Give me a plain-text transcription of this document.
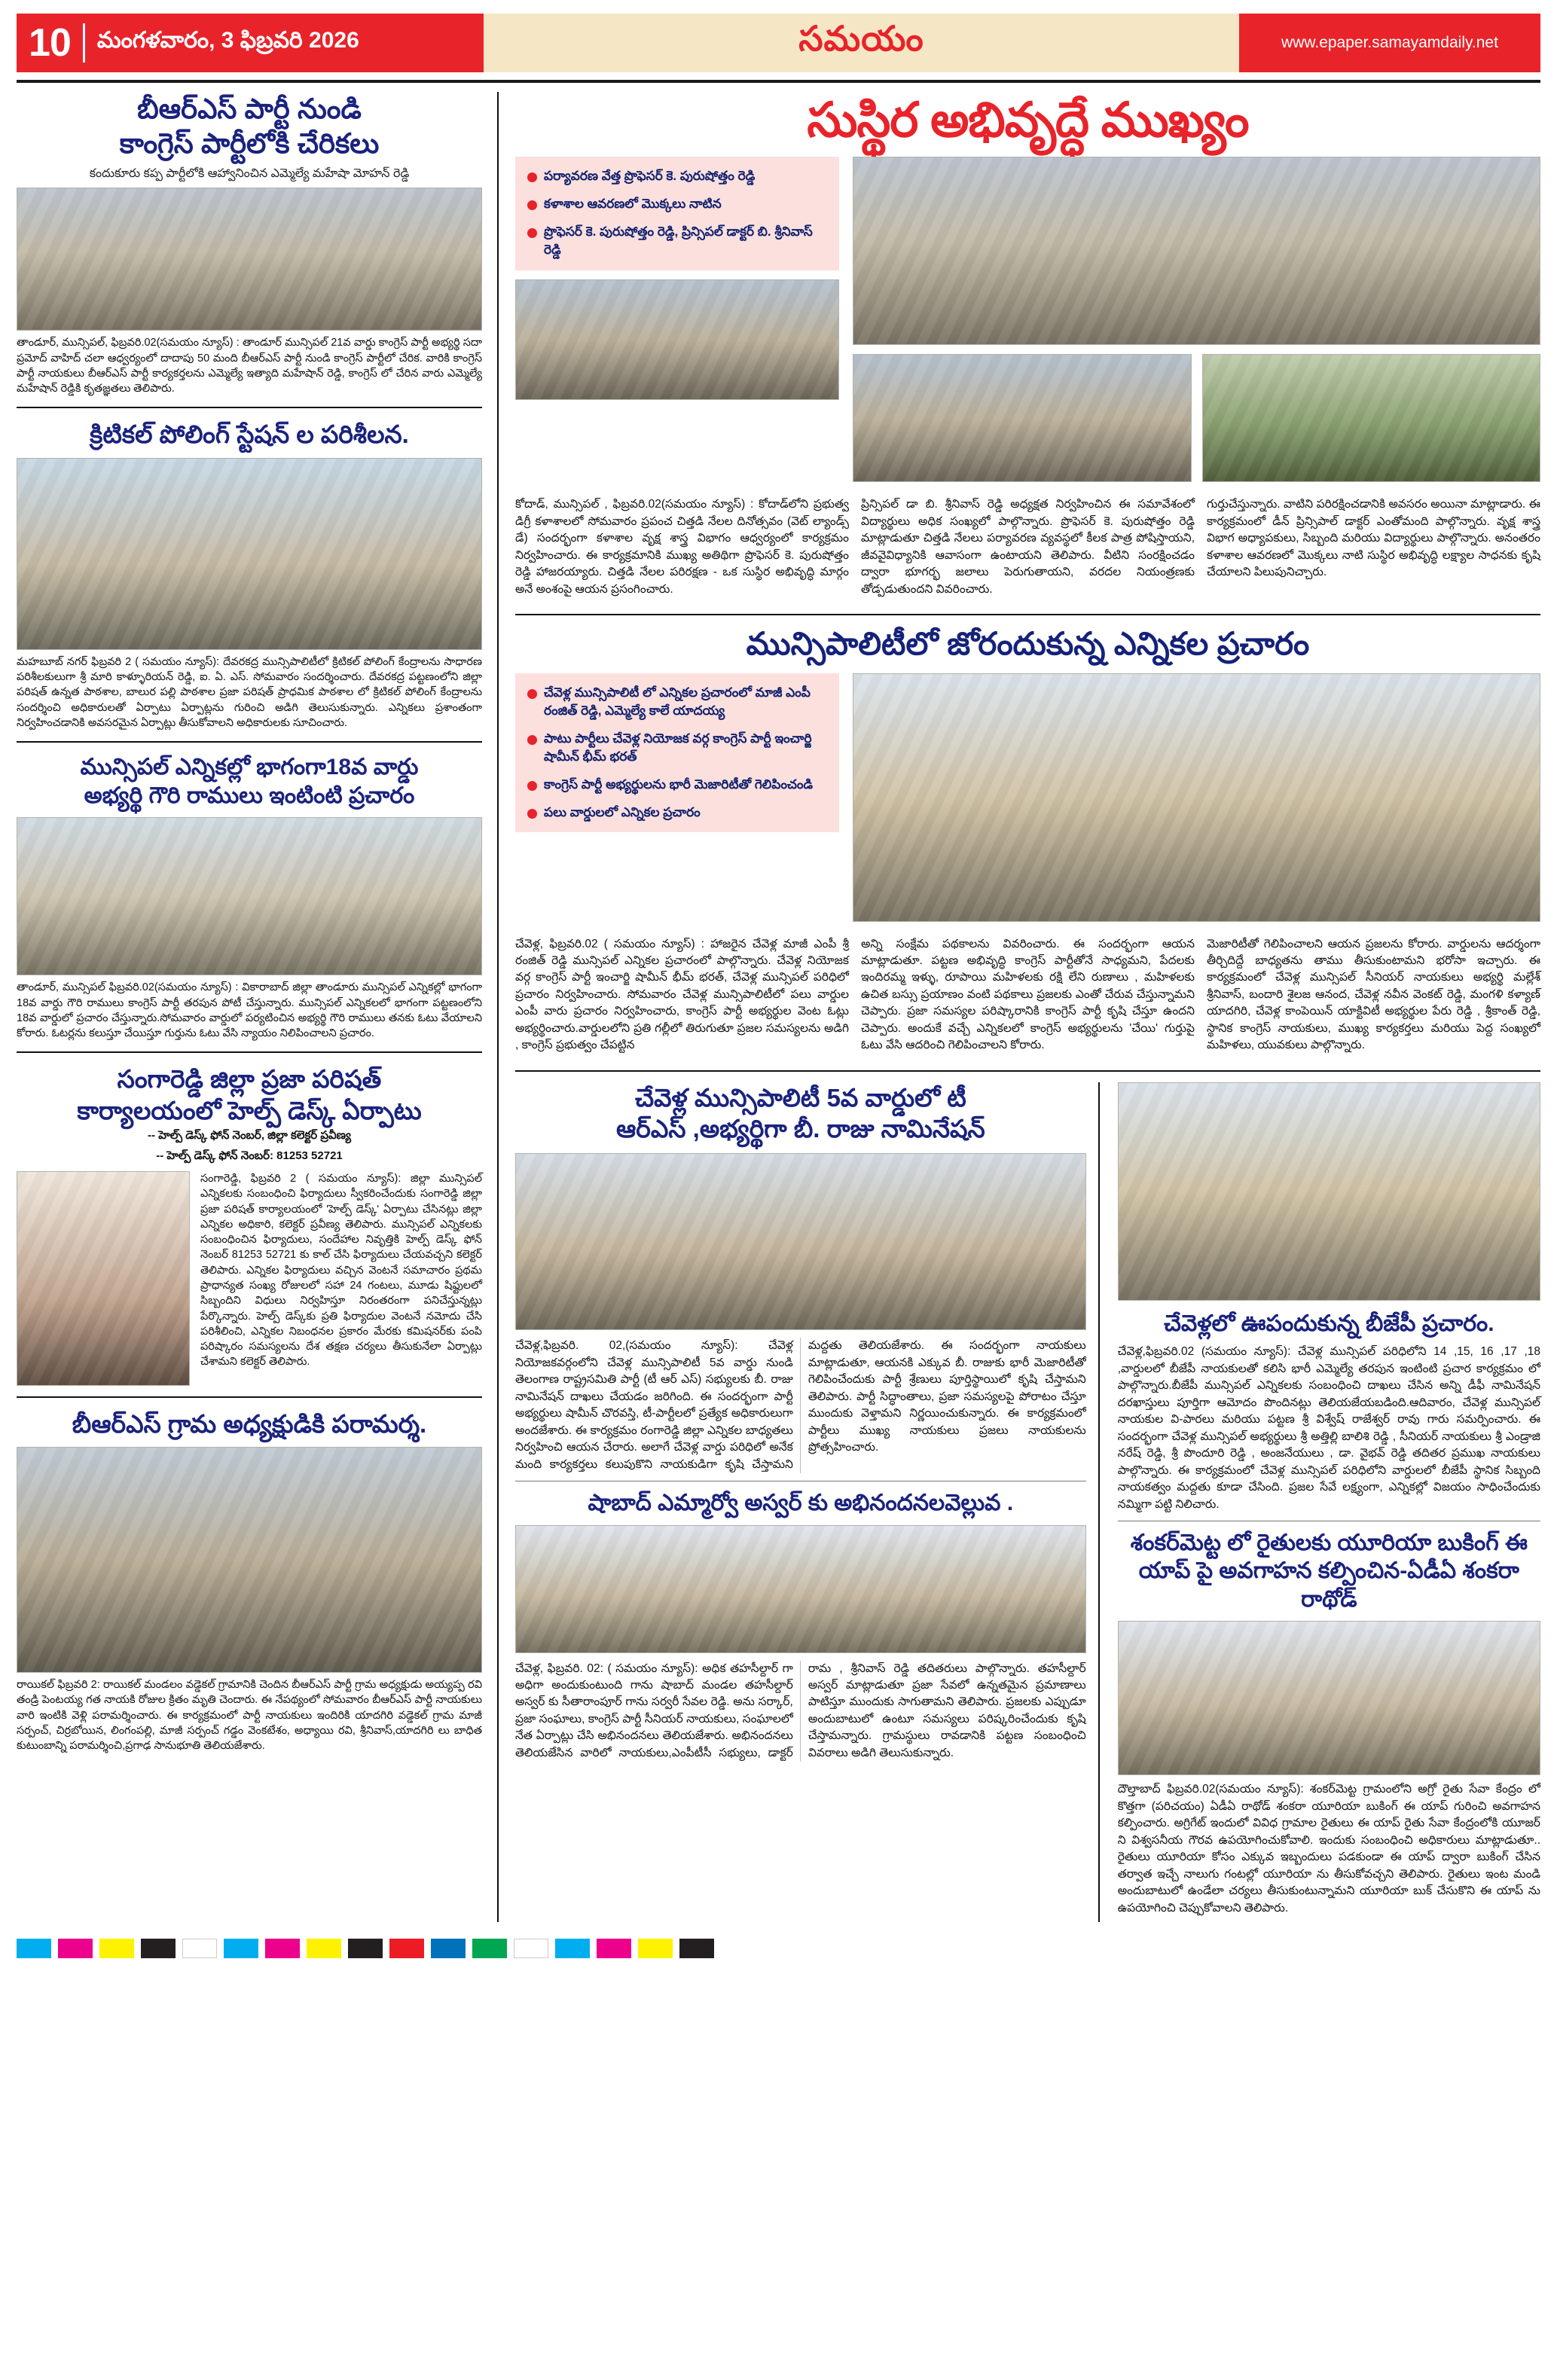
10	మంగళవారం, 3 ఫిబ్రవరి 2026	సమయం	www.epaper.samayamdaily.net
బీఆర్‌ఎస్ పార్టీ నుండి
కాంగ్రెస్ పార్టీలోకి చేరికలు
కందుకూరు కప్ప పార్టీలోకి ఆహ్వానించిన ఎమ్మెల్యే మహేషా మోహన్ రెడ్డి
తాండూర్, మున్సిపల్, ఫిబ్రవరి.02(సమయం న్యూస్) : తాండూర్ మున్సిపల్ 21వ వార్డు కాంగ్రెస్ పార్టీ అభ్యర్థి సదా ప్రమోద్ వాహిద్ చలా ఆధ్వర్యంలో దాదాపు 50 మంది బీఆర్‌ఎస్ పార్టీ నుండి కాంగ్రెస్ పార్టీలో చేరిక. వారికి కాంగ్రెస్ పార్టీ నాయకులు బీఆర్‌ఎస్ పార్టీ కార్యకర్తలను ఎమ్మెల్యే ఇత్యాది మహేషాన్ రెడ్డి, కాంగ్రెస్ లో చేరిన వారు ఎమ్మెల్యే మహేషాన్ రెడ్డికి కృతజ్ఞతలు తెలిపారు.
క్రిటికల్ పోలింగ్ స్టేషన్ ల పరిశీలన.
మహబూబ్ నగర్ ఫిబ్రవరి 2 ( సమయం న్యూస్): దేవరకద్ర మున్సిపాలిటీలో క్రిటికల్ పోలింగ్ కేంద్రాలను సాధారణ పరిశీలకులుగా శ్రీ మారి కాళ్ళూరియన్ రెడ్డి, ఐ. ఏ. ఎస్. సోమవారం సందర్శించారు. దేవరకద్ర పట్టణంలోని జిల్లా పరిషత్ ఉన్నత పాఠశాల, బాలుర పల్లి పాఠశాల ప్రజా పరిషత్ ప్రాధమిక పాఠశాల లో క్రిటికల్ పోలింగ్ కేంద్రాలను సందర్శించి అధికారులతో ఏర్పాటు ఏర్పాట్లను గురించి అడిగి తెలుసుకున్నారు. ఎన్నికలు ప్రశాంతంగా నిర్వహించడానికి అవసరమైన ఏర్పాట్లు తీసుకోవాలని అధికారులకు సూచించారు.
మున్సిపల్ ఎన్నికల్లో భాగంగా18వ వార్డు
అభ్యర్థి గౌరి రాములు ఇంటింటి ప్రచారం
తాండూర్, మున్సిపల్ ఫిబ్రవరి.02(సమయం న్యూస్) : వికారాబాద్ జిల్లా తాండూరు మున్సిపల్ ఎన్నికల్లో భాగంగా 18వ వార్డు గౌరి రాములు కాంగ్రెస్ పార్టీ తరపున పోటీ చేస్తున్నారు. మున్సిపల్ ఎన్నికలలో భాగంగా పట్టణంలోని 18వ వార్డులో ప్రచారం చేస్తున్నారు.సోమవారం వార్డులో పర్యటించిన అభ్యర్థి గౌరి రాములు తనకు ఓటు వేయాలని కోరారు. ఓటర్లను కలుస్తూ చేయిస్తూ గుర్తును ఓటు వేసి న్యాయం నిలిపించాలని ప్రచారం.
సంగారెడ్డి జిల్లా ప్రజా పరిషత్
కార్యాలయంలో హెల్ప్ డెస్క్ ఏర్పాటు
-- హెల్ప్ డెస్క్ ఫోన్ నెంబర్, జిల్లా కలెక్టర్ ప్రవీణ్య
-- హెల్ప్ డెస్క్ ఫోన్ నెంబర్: 81253 52721
సంగారెడ్డి, ఫిబ్రవరి 2 ( సమయం న్యూస్): జిల్లా మున్సిపల్ ఎన్నికలకు సంబంధించి ఫిర్యాదులు స్వీకరించేందుకు సంగారెడ్డి జిల్లా ప్రజా పరిషత్ కార్యాలయంలో 'హెల్ప్ డెస్క్' ఏర్పాటు చేసినట్లు జిల్లా ఎన్నికల అధికారి, కలెక్టర్ ప్రవీణ్య తెలిపారు. మున్సిపల్ ఎన్నికలకు సంబంధించిన ఫిర్యాదులు, సందేహాల నివృత్తికి హెల్ప్ డెస్క్ ఫోన్ నెంబర్ 81253 52721 కు కాల్ చేసి ఫిర్యాదులు చేయవచ్చని కలెక్టర్ తెలిపారు. ఎన్నికల ఫిర్యాదులు వచ్చిన వెంటనే సమాచారం ప్రథమ ప్రాధాన్యత సంఖ్య రోజులలో సహా 24 గంటలు, మూడు షిఫ్టులలో సిబ్బందిని విధులు నిర్వహిస్తూ నిరంతరంగా పనిచేస్తున్నట్లు పేర్కొన్నారు. హెల్ప్ డెస్క్‌కు ప్రతి ఫిర్యాదుల వెంటనే నమోదు చేసి పరిశీలించి, ఎన్నికల నిబంధనల ప్రకారం మేరకు కమిషనర్‌కు పంపి పరిష్కారం సమస్యలను దేశ తక్షణ చర్యలు తీసుకునేలా ఏర్పాట్లు చేశామని కలెక్టర్ తెలిపారు.
బీఆర్‌ఎస్ గ్రామ అధ్యక్షుడికి పరామర్శ.
రాయికల్ ఫిబ్రవరి 2: రాయికల్ మండలం వడ్డెకల్ గ్రామానికి చెందిన బీఆర్‌ఎస్ పార్టీ గ్రామ అధ్యక్షుడు అయ్యప్ప రవి తండ్రి పెంటయ్య గత నాయకి రోజుల క్రితం మృతి చెందారు. ఈ నేపథ్యంలో సోమవారం బీఆర్‌ఎస్ పార్టీ నాయకులు వారి ఇంటికి వెళ్లి పరామర్శించారు. ఈ కార్యక్రమంలో పార్టీ నాయకులు ఇందిరికి యాదగిరి వడ్డెకల్ గ్రామ మాజీ సర్పంచ్, చిర్రబోయిన, లింగంపల్లి, మాజీ సర్పంచ్ గడ్డం వెంకటేశం, అధ్యాయి రవి, శ్రీనివాస్,యాదగిరి లు బాధిత కుటుంబాన్ని పరామర్శించి,ప్రగాఢ సానుభూతి తెలియజేశారు.
సుస్థిర అభివృద్ధే ముఖ్యం
పర్యావరణ వేత్త ప్రొఫెసర్ కె. పురుషోత్తం రెడ్డి
కళాశాల ఆవరణలో మొక్కలు నాటిన
ప్రొఫెసర్ కె. పురుషోత్తం రెడ్డి, ప్రిన్సిపల్ డాక్టర్ బి. శ్రీనివాస్ రెడ్డి
కోదాడ్, మున్సిపల్ , ఫిబ్రవరి.02(సమయం న్యూస్) : కోదాడ్‌లోని ప్రభుత్వ డిగ్రీ కళాశాలలో సోమవారం ప్రపంచ చిత్తడి నేలల దినోత్సవం (వెట్ ల్యాండ్స్ డే) సందర్భంగా కళాశాల వృక్ష శాస్త్ర విభాగం ఆధ్వర్యంలో కార్యక్రమం నిర్వహించారు. ఈ కార్యక్రమానికి ముఖ్య అతిథిగా ప్రొఫెసర్ కె. పురుషోత్తం రెడ్డి హాజరయ్యారు. చిత్తడి నేలల పరిరక్షణ - ఒక సుస్థిర అభివృద్ధి మార్గం అనే అంశంపై ఆయన ప్రసంగించారు.
ప్రిన్సిపల్ డా బి. శ్రీనివాస్ రెడ్డి అధ్యక్షత నిర్వహించిన ఈ సమావేశంలో విద్యార్థులు అధిక సంఖ్యలో పాల్గొన్నారు. ప్రొఫెసర్ కె. పురుషోత్తం రెడ్డి మాట్లాడుతూ చిత్తడి నేలలు పర్యావరణ వ్యవస్థలో కీలక పాత్ర పోషిస్తాయని, జీవవైవిధ్యానికి ఆవాసంగా ఉంటాయని తెలిపారు. వీటిని సంరక్షించడం ద్వారా భూగర్భ జలాలు పెరుగుతాయని, వరదల నియంత్రణకు తోడ్పడుతుందని వివరించారు.
గుర్తుచేస్తున్నారు. వాటిని పరిరక్షించడానికి అవసరం అయినా మాట్లాడారు. ఈ కార్యక్రమంలో డీన్ ప్రిన్సిపాల్ డాక్టర్ ఎంతోమంది పాల్గొన్నారు. వృక్ష శాస్త్ర విభాగ అధ్యాపకులు, సిబ్బంది మరియు విద్యార్థులు పాల్గొన్నారు. అనంతరం కళాశాల ఆవరణలో మొక్కలు నాటి సుస్థిర అభివృద్ధి లక్ష్యాల సాధనకు కృషి చేయాలని పిలుపునిచ్చారు.
మున్సిపాలిటీలో జోరందుకున్న ఎన్నికల ప్రచారం
చేవెళ్ల మున్సిపాలిటీ లో ఎన్నికల ప్రచారంలో మాజీ ఎంపీ రంజిత్ రెడ్డి, ఎమ్మెల్యే కాలే యాదయ్య
పాటు పార్టీలు చేవెళ్ల నియోజక వర్గ కాంగ్రెస్ పార్టీ ఇంచార్జి షామీన్ భీమ్ భరత్
కాంగ్రెస్ పార్టీ అభ్యర్థులను భారీ మెజారిటీతో గెలిపించండి
పలు వార్డులలో ఎన్నికల ప్రచారం
చేవెళ్ల, ఫిబ్రవరి.02 ( సమయం న్యూస్) : హాజరైన చేవెళ్ల మాజీ ఎంపీ శ్రీ రంజిత్ రెడ్డి మున్సిపల్ ఎన్నికల ప్రచారంలో పాల్గొన్నారు. చేవెళ్ల నియోజక వర్గ కాంగ్రెస్ పార్టీ ఇంచార్జి షామీన్ భీమ్ భరత్, చేవెళ్ల మున్సిపల్ పరిధిలో ప్రచారం నిర్వహించారు. సోమవారం చేవెళ్ల మున్సిపాలిటీలో పలు వార్డుల ఎంపీ వారు ప్రచారం నిర్వహించారు, కాంగ్రెస్ పార్టీ అభ్యర్థుల వెంట ఓట్లు అభ్యర్థించారు.వార్డులలోని ప్రతి గల్లీలో తిరుగుతూ ప్రజల సమస్యలను అడిగి , కాంగ్రెస్ ప్రభుత్వం చేపట్టిన
అన్ని సంక్షేమ పథకాలను వివరించారు. ఈ సందర్భంగా ఆయన మాట్లాడుతూ. పట్టణ అభివృద్ధి కాంగ్రెస్ పార్టీతోనే సాధ్యమని, పేదలకు ఇందిరమ్మ ఇళ్ళు, రూపాయి మహిళలకు రక్షి లేని రుణాలు , మహిళలకు ఉచిత బస్సు ప్రయాణం వంటి పథకాలు ప్రజలకు ఎంతో చేరువ చేస్తున్నామని చెప్పారు. ప్రజా సమస్యల పరిష్కారానికి కాంగ్రెస్ పార్టీ కృషి చేస్తూ ఉందని చెప్పారు. అందుకే వచ్చే ఎన్నికలలో కాంగ్రెస్ అభ్యర్థులను 'చేయి' గుర్తుపై ఓటు వేసి ఆదరించి గెలిపించాలని కోరారు.
మెజారిటీతో గెలిపించాలని ఆయన ప్రజలను కోరారు. వార్డులను ఆదర్శంగా తీర్చిదిద్దే బాధ్యతను తాము తీసుకుంటామని భరోసా ఇచ్చారు. ఈ కార్యక్రమంలో చేవెళ్ల మున్సిపల్ సీనియర్ నాయకులు అభ్యర్థి మల్లేశ్ శ్రీనివాస్, బందారి శైలజ ఆనంద, చేవెళ్ల నవీన వెంకట్ రెడ్డి, మంగళి కళ్యాణ్ యాదగిరి, చేవెళ్ల కాంపెయిన్ యాక్టివిటీ అభ్యర్థుల పేరు రెడ్డి , శ్రీకాంత్ రెడ్డి, స్థానిక కాంగ్రెస్ నాయకులు, ముఖ్య కార్యకర్తలు మరియు పెద్ద సంఖ్యలో మహిళలు, యువకులు పాల్గొన్నారు.
చేవెళ్ల మున్సిపాలిటీ 5వ వార్డులో టీ
ఆర్‌ఎస్ ,అభ్యర్థిగా బీ. రాజు నామినేషన్
చేవెళ్ల,ఫిబ్రవరి. 02,(సమయం న్యూస్): చేవెళ్ల నియోజకవర్గంలోని చేవెళ్ల మున్సిపాలిటీ 5వ వార్డు నుండి తెలంగాణ రాష్ట్రసమితి పార్టీ (టీ ఆర్ ఎస్) సభ్యులకు బీ. రాజు నామినేషన్ దాఖలు చేయడం జరిగింది. ఈ సందర్భంగా పార్టీ అభ్యర్థులు షామీన్ చొరవస్తి, టీ-పార్టీలలో ప్రత్యేక అధికారులుగా అందజేశారు. ఈ కార్యక్రమం రంగారెడ్డి జిల్లా ఎన్నికల బాధ్యతలు నిర్వహించి ఆయన చేరారు. అలాగే చేవెళ్ల వార్డు పరిధిలో అనేక మంది కార్యకర్తలు కలుపుకొని నాయకుడిగా కృషి చేస్తామని మద్దతు తెలియజేశారు. ఈ సందర్భంగా నాయకులు మాట్లాడుతూ, ఆయనకి ఎక్కువ బీ. రాజుకు భారీ మెజారిటీతో గెలిపించేందుకు పార్టీ శ్రేణులు పూర్తిస్థాయిలో కృషి చేస్తామని తెలిపారు. పార్టీ సిద్ధాంతాలు, ప్రజా సమస్యలపై పోరాటం చేస్తూ ముందుకు వెళ్తామని నిర్ణయించుకున్నారు. ఈ కార్యక్రమంలో పార్టీలు ముఖ్య నాయకులు ప్రజలు నాయకులను ప్రోత్సహించారు.
షాబాద్ ఎమ్మార్వో అస్వర్ కు అభినందనలవెల్లువ .
చేవెళ్ల, ఫిబ్రవరి. 02: ( సమయం న్యూస్): అధిక తహసీల్దార్ గా అధిగా అందుకుంటుంది గాను షాబాద్ మండల తహసీల్దార్ అస్వర్ కు సీతారాంపూర్ గాను సర్వరీ సేవల రెడ్డి. అను సర్కార్, ప్రజా సంఘాలు, కాంగ్రెస్ పార్టీ సీనియర్ నాయకులు, సంఘాలలో నేత ఏర్పాట్లు చేసి అభినందనలు తెలియజేశారు. అభినందనలు తెలియజేసిన వారిలో నాయకులు,ఎంపీటీసీ సభ్యులు, డాక్టర్ రామ , శ్రీనివాస్ రెడ్డి తదితరులు పాల్గొన్నారు. తహసీల్దార్ అస్వర్ మాట్లాడుతూ ప్రజా సేవలో ఉన్నతమైన ప్రమాణాలు పాటిస్తూ ముందుకు సాగుతామని తెలిపారు. ప్రజలకు ఎప్పుడూ అందుబాటులో ఉంటూ సమస్యలు పరిష్కరించేందుకు కృషి చేస్తామన్నారు. గ్రామస్థులు రావడానికి పట్టణ సంబంధించి వివరాలు అడిగి తెలుసుకున్నారు.
చేవెళ్లలో ఊపందుకున్న బీజేపీ ప్రచారం.
చేవెళ్ల,ఫిబ్రవరి.02 (సమయం న్యూస్): చేవెళ్ల మున్సిపల్ పరిధిలోని 14 ,15, 16 ,17 ,18 ,వార్డులలో బీజేపీ నాయకులతో కలిసి భారీ ఎమ్మెల్యే తరపున ఇంటింటి ప్రచార కార్యక్రమం లో పాల్గొన్నారు.బీజేపీ మున్సిపల్ ఎన్నికలకు సంబంధించి దాఖలు చేసిన అన్ని డీఫీ నామినేషన్ దరఖాస్తులు పూర్తిగా ఆమోదం పొందినట్లు తెలియజేయబడింది.ఆదివారం, చేవెళ్ల మున్సిపల్ నాయకుల వి-పారలు మరియు పట్టణ శ్రీ విశ్వేష్ రాజేశ్వర్ రావు గారు సమర్పించారు. ఈ సందర్భంగా చేవెళ్ల మున్సిపల్ అభ్యర్థులు శ్రీ అత్తిల్లి బాలిశి రెడ్డి , సీనియర్ నాయకులు శ్రీ ఎండ్రాజి నరేష్ రెడ్డి, శ్రీ పొందూరి రెడ్డి , అంజనేయులు , డా. వైభవ్ రెడ్డి తదితర ప్రముఖ నాయకులు పాల్గొన్నారు. ఈ కార్యక్రమంలో చేవెళ్ల మున్సిపల్ పరిధిలోని వార్డులలో బీజేపీ స్థానిక సిబ్బంది నాయకత్వం మద్దతు కూడా చేసింది. ప్రజల సేవే లక్ష్యంగా, ఎన్నికల్లో విజయం సాధించేందుకు నమ్మిగా పట్టి నిలిచారు.
శంకర్‌మెట్ట లో రైతులకు యూరియా బుకింగ్ ఈ
యాప్ పై అవగాహన కల్పించిన-ఏడీఏ శంకరా రాథోడ్
దౌల్తాబాద్ ఫిబ్రవరి.02(సమయం న్యూస్): శంకర్‌మెట్ట గ్రామంలోని అగ్రో రైతు సేవా కేంద్రం లో కొత్తగా (పరిచయం) ఏడీఏ రాథోడ్ శంకరా యూరియా బుకింగ్ ఈ యాప్ గురించి అవగాహన కల్పించారు. అగ్రిగేట్ ఇందులో వివిధ గ్రామాల రైతులు ఈ యాప్ రైతు సేవా కేంద్రంలోకి యూజర్ ని విశ్వసనీయ గౌరవ ఉపయోగించుకోవాలి. ఇందుకు సంబంధించి అధికారులు మాట్లాడుతూ.. రైతులు యూరియా కోసం ఎక్కువ ఇబ్బందులు పడకుండా ఈ యాప్ ద్వారా బుకింగ్ చేసిన తర్వాత ఇచ్చే నాలుగు గంటల్లో యూరియా ను తీసుకోవచ్చని తెలిపారు. రైతులు ఇంట మండి అందుబాటులో ఉండేలా చర్యలు తీసుకుంటున్నామని యూరియా బుక్ చేసుకొని ఈ యాప్ ను ఉపయోగించి చెప్పుకోవాలని తెలిపారు.
